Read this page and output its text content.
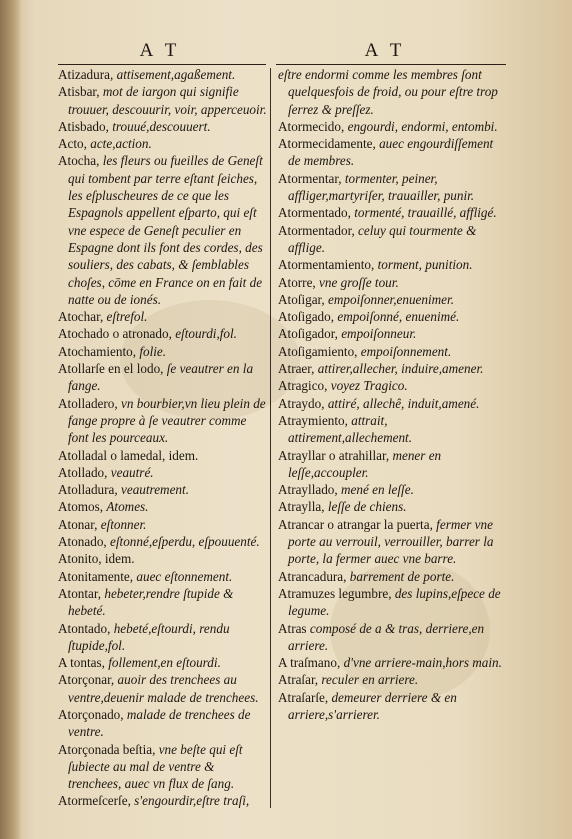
A T	A T

Atizadura, attisement,agaßement.

Atisbar, mot de iargon qui signifie trouuer, descouurir, voir, apperceuoir.

Atisbado, trouué,descouuert.

Acto, acte,action.

Atocha, les fleurs ou fueilles de Geneſt qui tombent par terre eſtant ſeiches, les eſpluscheures de ce que les Espagnols appellent eſparto, qui eſt vne espece de Geneſt peculier en Espagne dont ils font des cordes, des souliers, des cabats, & ſemblables choſes, cōme en France on en fait de natte ou de ionés.

Atochar, eſtrefol.

Atochado o atronado, eſtourdi,fol.

Atochamiento, folie.

Atollarſe en el lodo, ſe veautrer en la fange.

Atolladero, vn bourbier,vn lieu plein de fange propre à ſe veautrer comme font les pourceaux.

Atolladal o lamedal, idem.

Atollado, veautré.

Atolladura, veautrement.

Atomos, Atomes.

Atonar, eſtonner.

Atonado, eſtonné,eſperdu, eſpouuenté.

Atonito, idem.

Atonitamente, auec eſtonnement.

Atontar, hebeter,rendre ſtupide & hebeté.

Atontado, hebeté,eſtourdi, rendu ſtupide,fol.

A tontas, follement,en eſtourdi.

Atorçonar, auoir des trenchees au ventre,deuenir malade de trenchees.

Atorçonado, malade de trenchees de ventre.

Atorçonada beſtia, vne beſte qui eſt ſubiecte au mal de ventre & trenchees, auec vn flux de ſang.

Atormeſcerſe, s'engourdir,eſtre traſi,

eſtre endormi comme les membres ſont quelquesfois de froid, ou pour eſtre trop ſerrez & preſſez.

Atormecido, engourdi, endormi, entombi.

Atormecidamente, auec engourdiſſement de membres.

Atormentar, tormenter, peiner, affliger,martyriſer, trauailler, punir.

Atormentado, tormenté, trauaillé, affligé.

Atormentador, celuy qui tourmente & afflige.

Atormentamiento, torment, punition.

Atorre, vne groſſe tour.

Atoſigar, empoiſonner,enuenimer.

Atoſigado, empoiſonné, enuenimé.

Atoſigador, empoiſonneur.

Atoſigamiento, empoiſonnement.

Atraer, attirer,allecher, induire,amener.

Atragico, voyez Tragico.

Atraydo, attiré, allechê, induit,amené.

Atraymiento, attrait, attirement,allechement.

Atrayllar o atrahillar, mener en leſſe,accoupler.

Atrayllado, mené en leſſe.

Atraylla, leſſe de chiens.

Atrancar o atrangar la puerta, fermer vne porte au verrouil, verrouiller, barrer la porte, la fermer auec vne barre.

Atrancadura, barrement de porte.

Atramuzes legumbre, des lupins,eſpece de legume.

Atras composé de a & tras, derriere,en arriere.

A traſmano, d'vne arriere-main,hors main.

Atraſar, reculer en arriere.

Atraſarſe, demeurer derriere & en arriere,s'arrierer.
